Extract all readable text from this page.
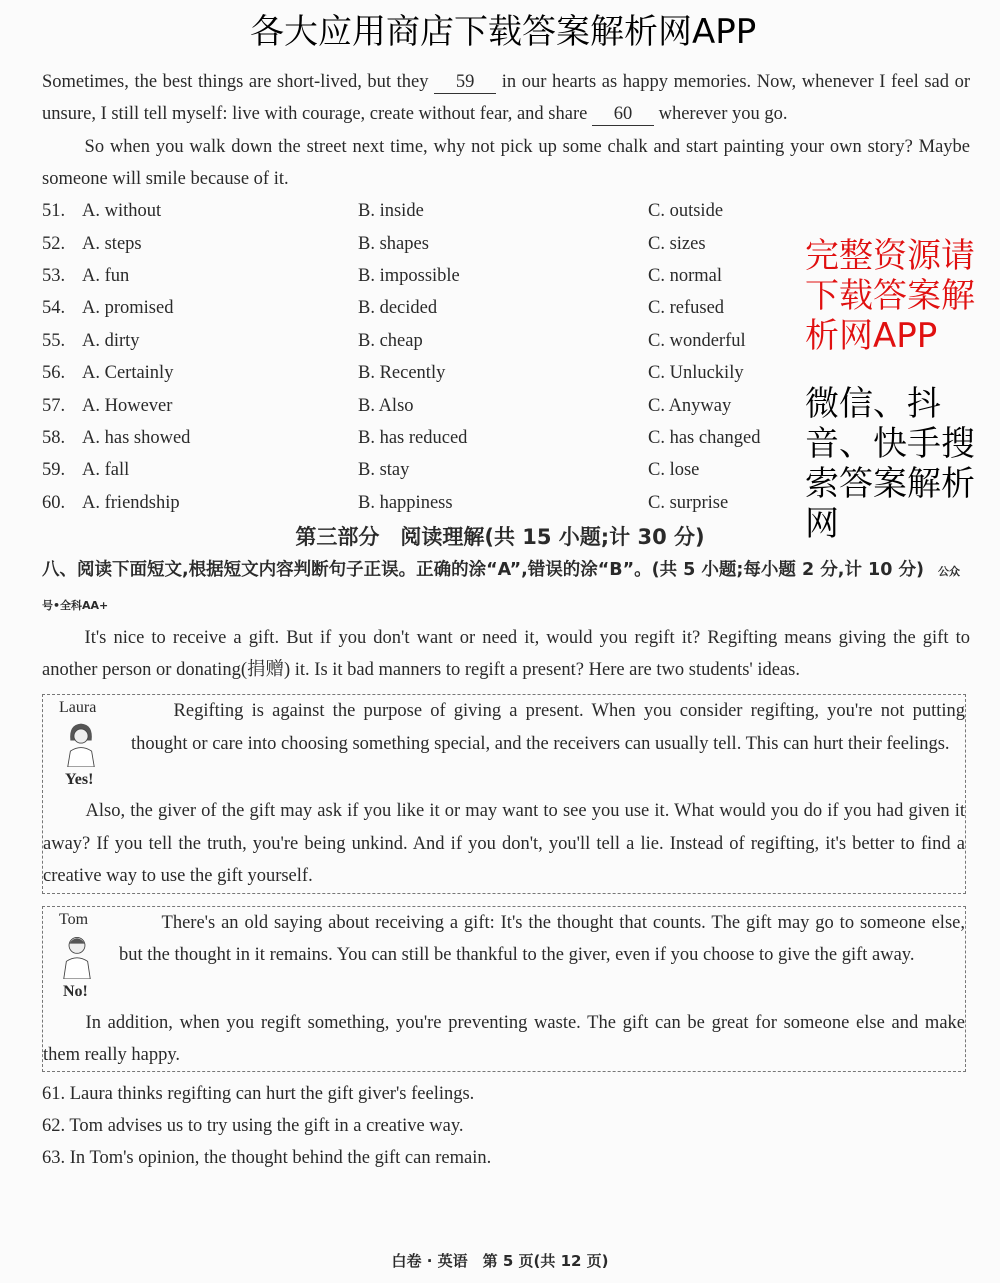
Sometimes, the best things are short-lived, but they 59 in our hearts as happy memories. Now, whenever I feel sad or unsure, I still tell myself: live with courage, create without fear, and share 60 wherever you go.
So when you walk down the street next time, why not pick up some chalk and start painting your own story? Maybe someone will smile because of it.
51. A. without	B. inside	C. outside
52. A. steps	B. shapes	C. sizes
53. A. fun	B. impossible	C. normal
54. A. promised	B. decided	C. refused
55. A. dirty	B. cheap	C. wonderful
56. A. Certainly	B. Recently	C. Unluckily
57. A. However	B. Also	C. Anyway
58. A. has showed	B. has reduced	C. has changed
59. A. fall	B. stay	C. lose
60. A. friendship	B. happiness	C. surprise
第三部分　阅读理解(共 15 小题;计 30 分)
八、阅读下面短文,根据短文内容判断句子正误。正确的涂“A”,错误的涂“B”。(共 5 小题;每小题 2 分,计 10 分) 公众号•全科AA+
It's nice to receive a gift. But if you don't want or need it, would you regift it? Regifting means giving the gift to another person or donating(捐赠) it. Is it bad manners to regift a present? Here are two students' ideas.
Laura
Yes!
Regifting is against the purpose of giving a present. When you consider regifting, you're not putting thought or care into choosing something special, and the receivers can usually tell. This can hurt their feelings.
Also, the giver of the gift may ask if you like it or may want to see you use it. What would you do if you had given it away? If you tell the truth, you're being unkind. And if you don't, you'll tell a lie. Instead of regifting, it's better to find a creative way to use the gift yourself.
Tom
No!
There's an old saying about receiving a gift: It's the thought that counts. The gift may go to someone else, but the thought in it remains. You can still be thankful to the giver, even if you choose to give the gift away.
In addition, when you regift something, you're preventing waste. The gift can be great for someone else and make them really happy.
61. Laura thinks regifting can hurt the gift giver's feelings.
62. Tom advises us to try using the gift in a creative way.
63. In Tom's opinion, the thought behind the gift can remain.
白卷 · 英语　第 5 页(共 12 页)
各大应用商店下载答案解析网APP
完整资源请下载答案解析网APP
微信、抖音、快手搜索答案解析网
